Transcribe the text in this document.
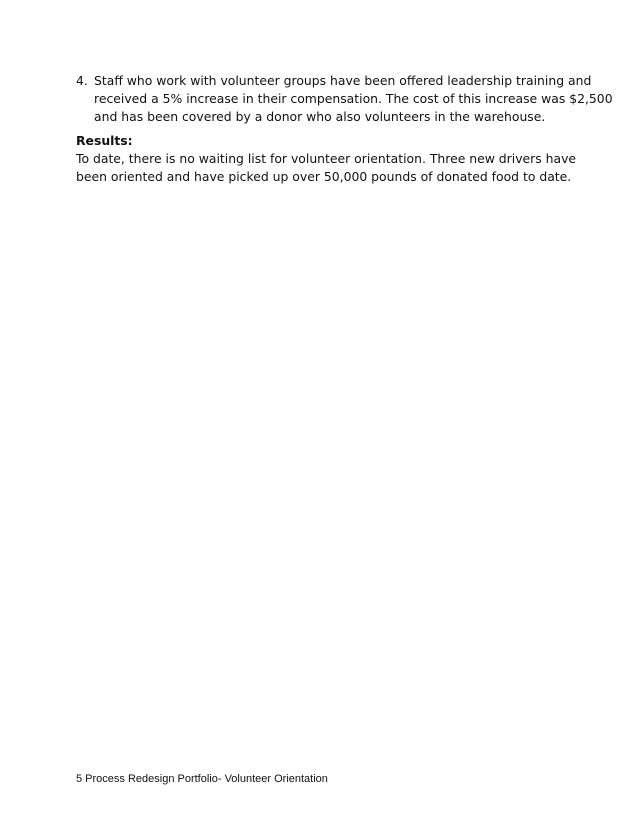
4. Staff who work with volunteer groups have been offered leadership training and
received a 5% increase in their compensation. The cost of this increase was $2,500
and has been covered by a donor who also volunteers in the warehouse.
Results:
To date, there is no waiting list for volunteer orientation. Three new drivers have
been oriented and have picked up over 50,000 pounds of donated food to date.
5 Process Redesign Portfolio- Volunteer Orientation
